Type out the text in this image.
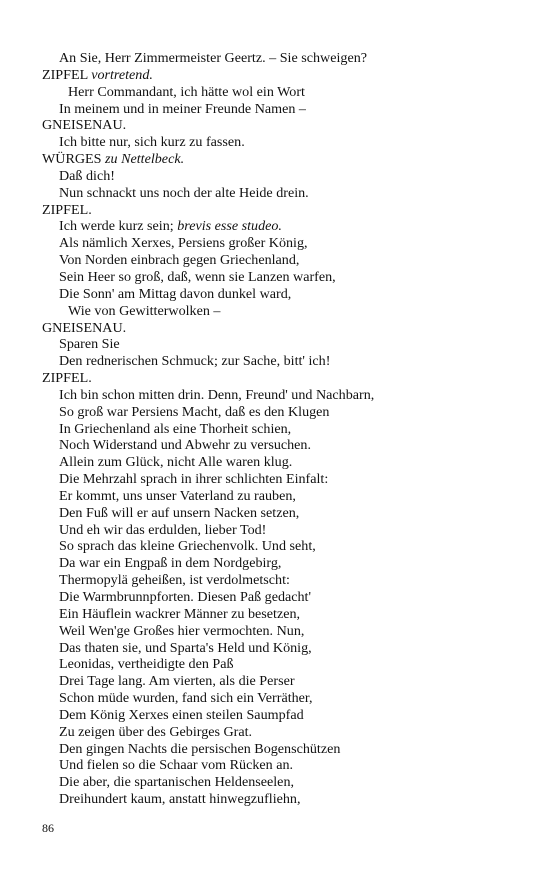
An Sie, Herr Zimmermeister Geertz. – Sie schweigen?
ZIPFEL vortretend.
Herr Commandant, ich hätte wol ein Wort
In meinem und in meiner Freunde Namen –
GNEISENAU.
Ich bitte nur, sich kurz zu fassen.
WÜRGES zu Nettelbeck.
Daß dich!
Nun schnackt uns noch der alte Heide drein.
ZIPFEL.
Ich werde kurz sein; brevis esse studeo.
Als nämlich Xerxes, Persiens großer König,
Von Norden einbrach gegen Griechenland,
Sein Heer so groß, daß, wenn sie Lanzen warfen,
Die Sonn' am Mittag davon dunkel ward,
Wie von Gewitterwolken –
GNEISENAU.
Sparen Sie
Den rednerischen Schmuck; zur Sache, bitt' ich!
ZIPFEL.
Ich bin schon mitten drin. Denn, Freund' und Nachbarn,
So groß war Persiens Macht, daß es den Klugen
In Griechenland als eine Thorheit schien,
Noch Widerstand und Abwehr zu versuchen.
Allein zum Glück, nicht Alle waren klug.
Die Mehrzahl sprach in ihrer schlichten Einfalt:
Er kommt, uns unser Vaterland zu rauben,
Den Fuß will er auf unsern Nacken setzen,
Und eh wir das erdulden, lieber Tod!
So sprach das kleine Griechenvolk. Und seht,
Da war ein Engpaß in dem Nordgebirg,
Thermopylä geheißen, ist verdolmetscht:
Die Warmbrunnpforten. Diesen Paß gedacht'
Ein Häuflein wackrer Männer zu besetzen,
Weil Wen'ge Großes hier vermochten. Nun,
Das thaten sie, und Sparta's Held und König,
Leonidas, vertheidigte den Paß
Drei Tage lang. Am vierten, als die Perser
Schon müde wurden, fand sich ein Verräther,
Dem König Xerxes einen steilen Saumpfad
Zu zeigen über des Gebirges Grat.
Den gingen Nachts die persischen Bogenschützen
Und fielen so die Schaar vom Rücken an.
Die aber, die spartanischen Heldenseelen,
Dreihundert kaum, anstatt hinwegzufliehn,
86
